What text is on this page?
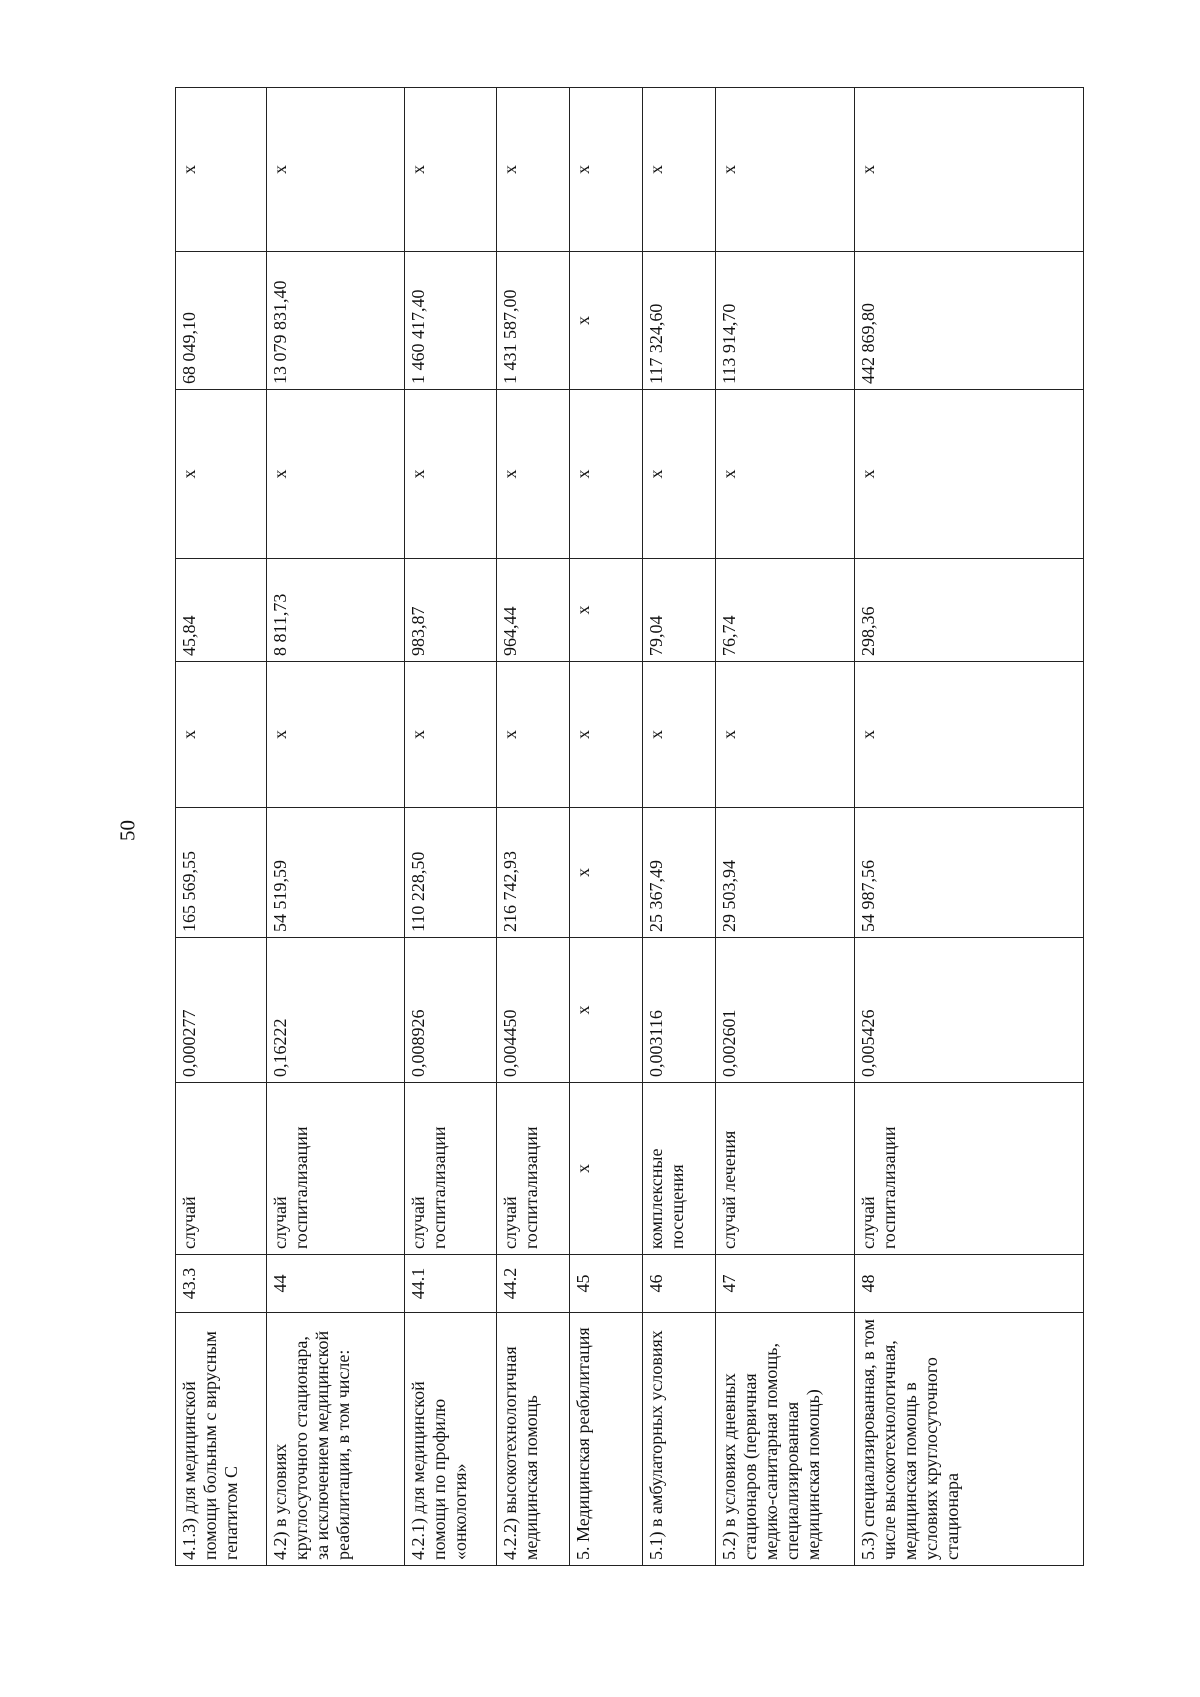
50
4.1.3) для медицинской помощи больным с вирусным гепатитом С	43.3	случай	0,000277	165 569,55	х	45,84	х	68 049,10	х
4.2) в условиях круглосуточного стационара, за исключением медицинской реабилитации, в том числе:	44	случай госпитализации	0,16222	54 519,59	х	8 811,73	х	13 079 831,40	х
4.2.1) для медицинской помощи по профилю «онкология»	44.1	случай госпитализации	0,008926	110 228,50	х	983,87	х	1 460 417,40	х
4.2.2) высокотехнологичная медицинская помощь	44.2	случай госпитализации	0,004450	216 742,93	х	964,44	х	1 431 587,00	х
5. Медицинская реабилитация	45	х	х	х	х	х	х	х	х
5.1) в амбулаторных условиях	46	комплексные посещения	0,003116	25 367,49	х	79,04	х	117 324,60	х
5.2) в условиях дневных стационаров (первичная медико-санитарная помощь, специализированная медицинская помощь)	47	случай лечения	0,002601	29 503,94	х	76,74	х	113 914,70	х
5.3) специализированная, в том числе высокотехнологичная, медицинская помощь в условиях круглосуточного стационара	48	случай госпитализации	0,005426	54 987,56	х	298,36	х	442 869,80	х
